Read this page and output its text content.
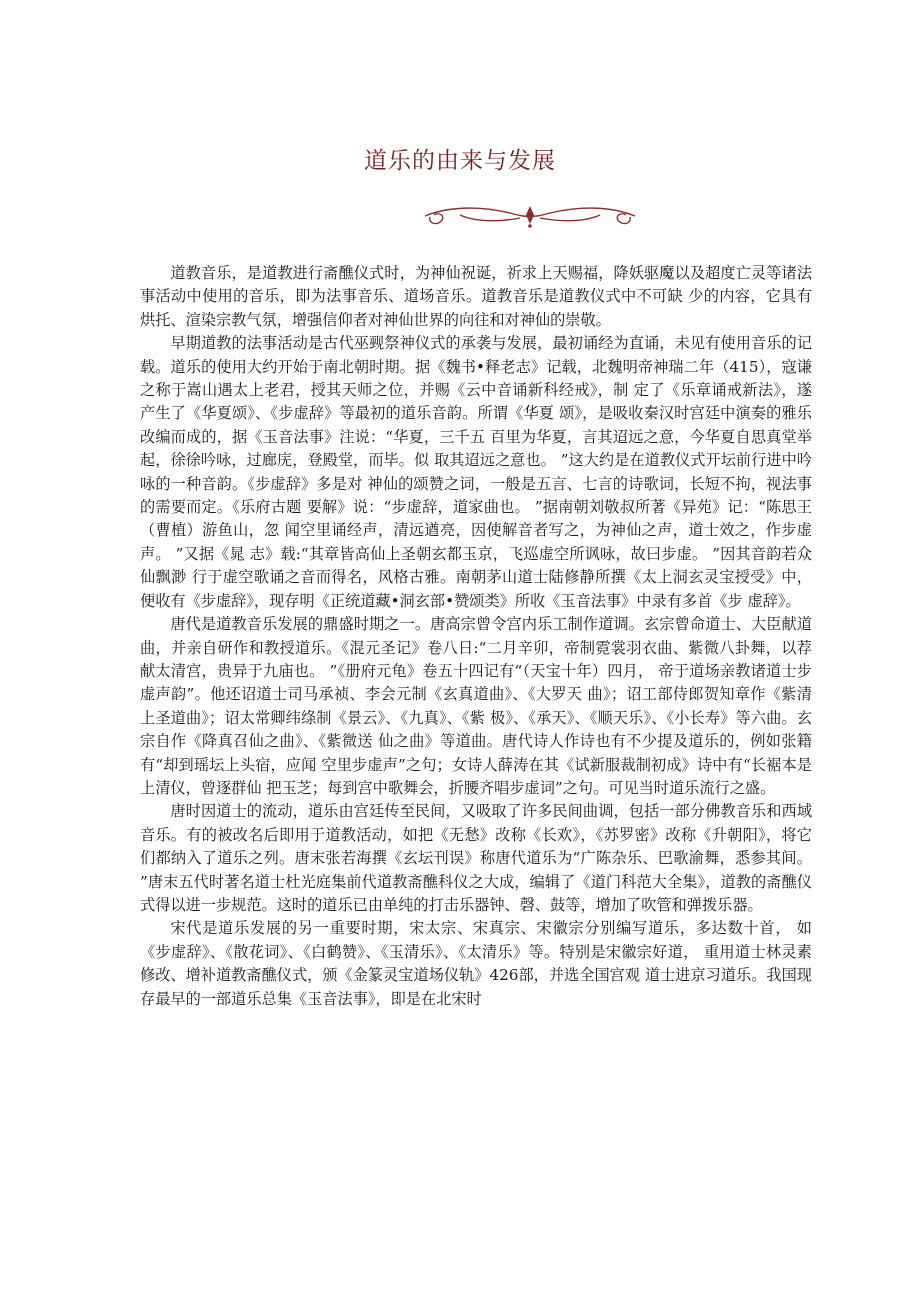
道乐的由来与发展

道教音乐，是道教进行斋醮仪式时，为神仙祝诞，祈求上天赐福，降妖驱魔以及超度亡灵等诸法事活动中使用的音乐，即为法事音乐、道场音乐。道教音乐是道教仪式中不可缺 少的内容，它具有烘托、渲染宗教气氛，增强信仰者对神仙世界的向往和对神仙的崇敬。

早期道教的法事活动是古代巫觋祭神仪式的承袭与发展，最初诵经为直诵，未见有使用音乐的记载。道乐的使用大约开始于南北朝时期。据《魏书•释老志》记载，北魏明帝神瑞二年（415），寇谦之称于嵩山遇太上老君，授其天师之位，并赐《云中音诵新科经戒》，制 定了《乐章诵戒新法》，遂产生了《华夏颂》、《步虚辞》等最初的道乐音韵。所谓《华夏 颂》，是吸收秦汉时宫廷中演奏的雅乐改编而成的，据《玉音法事》注说：“华夏，三千五 百里为华夏，言其迢远之意，今华夏自思真堂举起，徐徐吟咏，过廊庑，登殿堂，而毕。似 取其迢远之意也。 ”这大约是在道教仪式开坛前行进中吟咏的一种音韵。《步虚辞》多是对 神仙的颂赞之词，一般是五言、七言的诗歌词，长短不拘，视法事的需要而定。《乐府古题 要解》说：“步虚辞，道家曲也。 ”据南朝刘敬叔所著《异苑》记：“陈思王（曹植）游鱼山，忽 闻空里诵经声，清远遒亮，因使解音者写之，为神仙之声，道士效之，作步虚声。 ”又据《晁 志》载:“其章皆高仙上圣朝玄都玉京，飞巡虚空所讽咏，故曰步虚。 ”因其音韵若众仙飘渺 行于虚空歌诵之音而得名，风格古雅。南朝茅山道士陆修静所撰《太上洞玄灵宝授受》中， 便收有《步虚辞》，现存明《正统道藏•洞玄部•赞颂类》所收《玉音法事》中录有多首《步 虚辞》。

唐代是道教音乐发展的鼎盛时期之一。唐高宗曾令宫内乐工制作道调。玄宗曾命道士、大臣献道曲，并亲自研作和教授道乐。《混元圣记》卷八日:“二月辛卯，帝制霓裳羽衣曲、紫微八卦舞，以荐献太清宫，贵异于九庙也。 ”《册府元龟》卷五十四记有“（天宝十年）四月， 帝于道场亲教诸道士步虚声韵”。他还诏道士司马承祯、李会元制《玄真道曲》、《大罗天 曲》；诏工部侍郎贺知章作《紫清上圣道曲》；诏太常卿纬绦制《景云》、《九真》、《紫 极》、《承天》、《顺天乐》、《小长寿》等六曲。玄宗自作《降真召仙之曲》、《紫微送 仙之曲》等道曲。唐代诗人作诗也有不少提及道乐的，例如张籍有“却到瑶坛上头宿，应闻 空里步虚声”之句；女诗人薛涛在其《试新服裁制初成》诗中有“长裾本是上清仪，曾逐群仙 把玉芝；每到宫中歌舞会，折腰齐唱步虚词”之句。可见当时道乐流行之盛。

唐时因道士的流动，道乐由宫廷传至民间，又吸取了许多民间曲调，包括一部分佛教音乐和西域音乐。有的被改名后即用于道教活动，如把《无愁》改称《长欢》，《苏罗密》改称《升朝阳》，将它们都纳入了道乐之列。唐末张若海撰《玄坛刊误》称唐代道乐为“广陈杂乐、巴歌渝舞，悉参其间。 ”唐末五代时著名道士杜光庭集前代道教斋醮科仪之大成，编辑了《道门科范大全集》，道教的斋醮仪式得以进一步规范。这时的道乐已由单纯的打击乐器钟、磬、鼓等，增加了吹管和弹拨乐器。

宋代是道乐发展的另一重要时期，宋太宗、宋真宗、宋徽宗分别编写道乐，多达数十首， 如《步虚辞》、《散花词》、《白鹤赞》、《玉清乐》、《太清乐》等。特别是宋徽宗好道， 重用道士林灵素修改、增补道教斋醮仪式，颁《金篆灵宝道场仪轨》426部，并选全国宫观 道士进京习道乐。我国现存最早的一部道乐总集《玉音法事》，即是在北宋时
